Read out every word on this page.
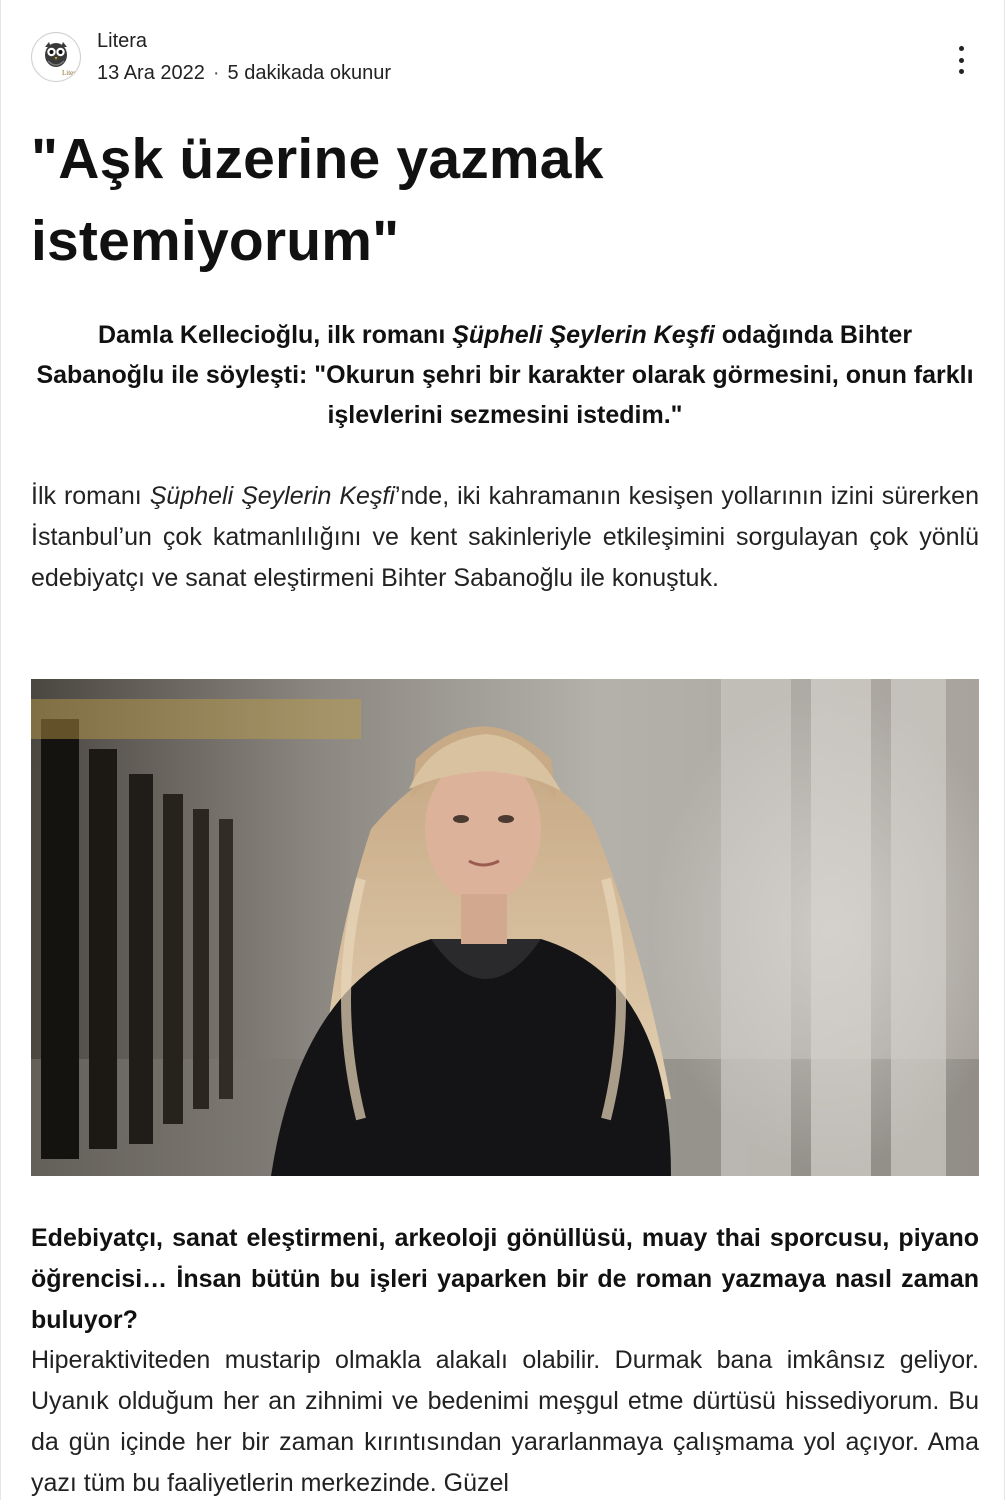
Litera
Litera
13 Ara 2022 · 5 dakikada okunur
"Aşk üzerine yazmak istemiyorum"

Damla Kellecioğlu, ilk romanı Şüpheli Şeylerin Keşfi odağında Bihter Sabanoğlu ile söyleşti: "Okurun şehri bir karakter olarak görmesini, onun farklı işlevlerini sezmesini istedim."

İlk romanı Şüpheli Şeylerin Keşfi’nde, iki kahramanın kesişen yollarının izini sürerken İstanbul’un çok katmanlılığını ve kent sakinleriyle etkileşimini sorgulayan çok yönlü edebiyatçı ve sanat eleştirmeni Bihter Sabanoğlu ile konuştuk.

Edebiyatçı, sanat eleştirmeni, arkeoloji gönüllüsü, muay thai sporcusu, piyano öğrencisi… İnsan bütün bu işleri yaparken bir de roman yazmaya nasıl zaman buluyor?

Hiperaktiviteden mustarip olmakla alakalı olabilir. Durmak bana imkânsız geliyor. Uyanık olduğum her an zihnimi ve bedenimi meşgul etme dürtüsü hissediyorum. Bu da gün içinde her bir zaman kırıntısından yararlanmaya çalışmama yol açıyor. Ama yazı tüm bu faaliyetlerin merkezinde. Güzel
